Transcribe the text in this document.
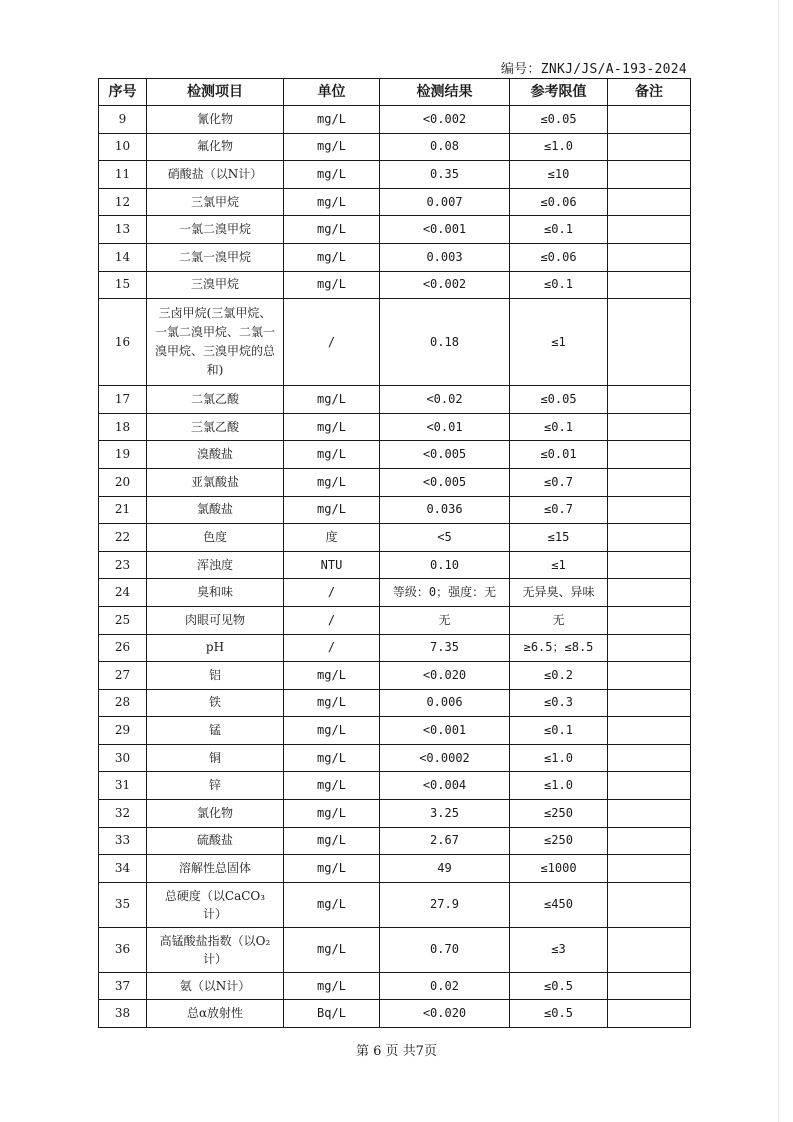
编号：ZNKJ/JS/A-193-2024
序号	检测项目	单位	检测结果	参考限值	备注
9	氰化物	mg/L	<0.002	≤0.05	
10	氟化物	mg/L	0.08	≤1.0	
11	硝酸盐（以N计）	mg/L	0.35	≤10	
12	三氯甲烷	mg/L	0.007	≤0.06	
13	一氯二溴甲烷	mg/L	<0.001	≤0.1	
14	二氯一溴甲烷	mg/L	0.003	≤0.06	
15	三溴甲烷	mg/L	<0.002	≤0.1	
16	三卤甲烷(三氯甲烷、一氯二溴甲烷、二氯一溴甲烷、三溴甲烷的总和)	/	0.18	≤1	
17	二氯乙酸	mg/L	<0.02	≤0.05	
18	三氯乙酸	mg/L	<0.01	≤0.1	
19	溴酸盐	mg/L	<0.005	≤0.01	
20	亚氯酸盐	mg/L	<0.005	≤0.7	
21	氯酸盐	mg/L	0.036	≤0.7	
22	色度	度	<5	≤15	
23	浑浊度	NTU	0.10	≤1	
24	臭和味	/	等级：0；强度：无	无异臭、异味	
25	肉眼可见物	/	无	无	
26	pH	/	7.35	≥6.5；≤8.5	
27	铝	mg/L	<0.020	≤0.2	
28	铁	mg/L	0.006	≤0.3	
29	锰	mg/L	<0.001	≤0.1	
30	铜	mg/L	<0.0002	≤1.0	
31	锌	mg/L	<0.004	≤1.0	
32	氯化物	mg/L	3.25	≤250	
33	硫酸盐	mg/L	2.67	≤250	
34	溶解性总固体	mg/L	49	≤1000	
35	总硬度（以CaCO₃计）	mg/L	27.9	≤450	
36	高锰酸盐指数（以O₂计）	mg/L	0.70	≤3	
37	氨（以N计）	mg/L	0.02	≤0.5	
38	总α放射性	Bq/L	<0.020	≤0.5	
第 6 页 共7页
